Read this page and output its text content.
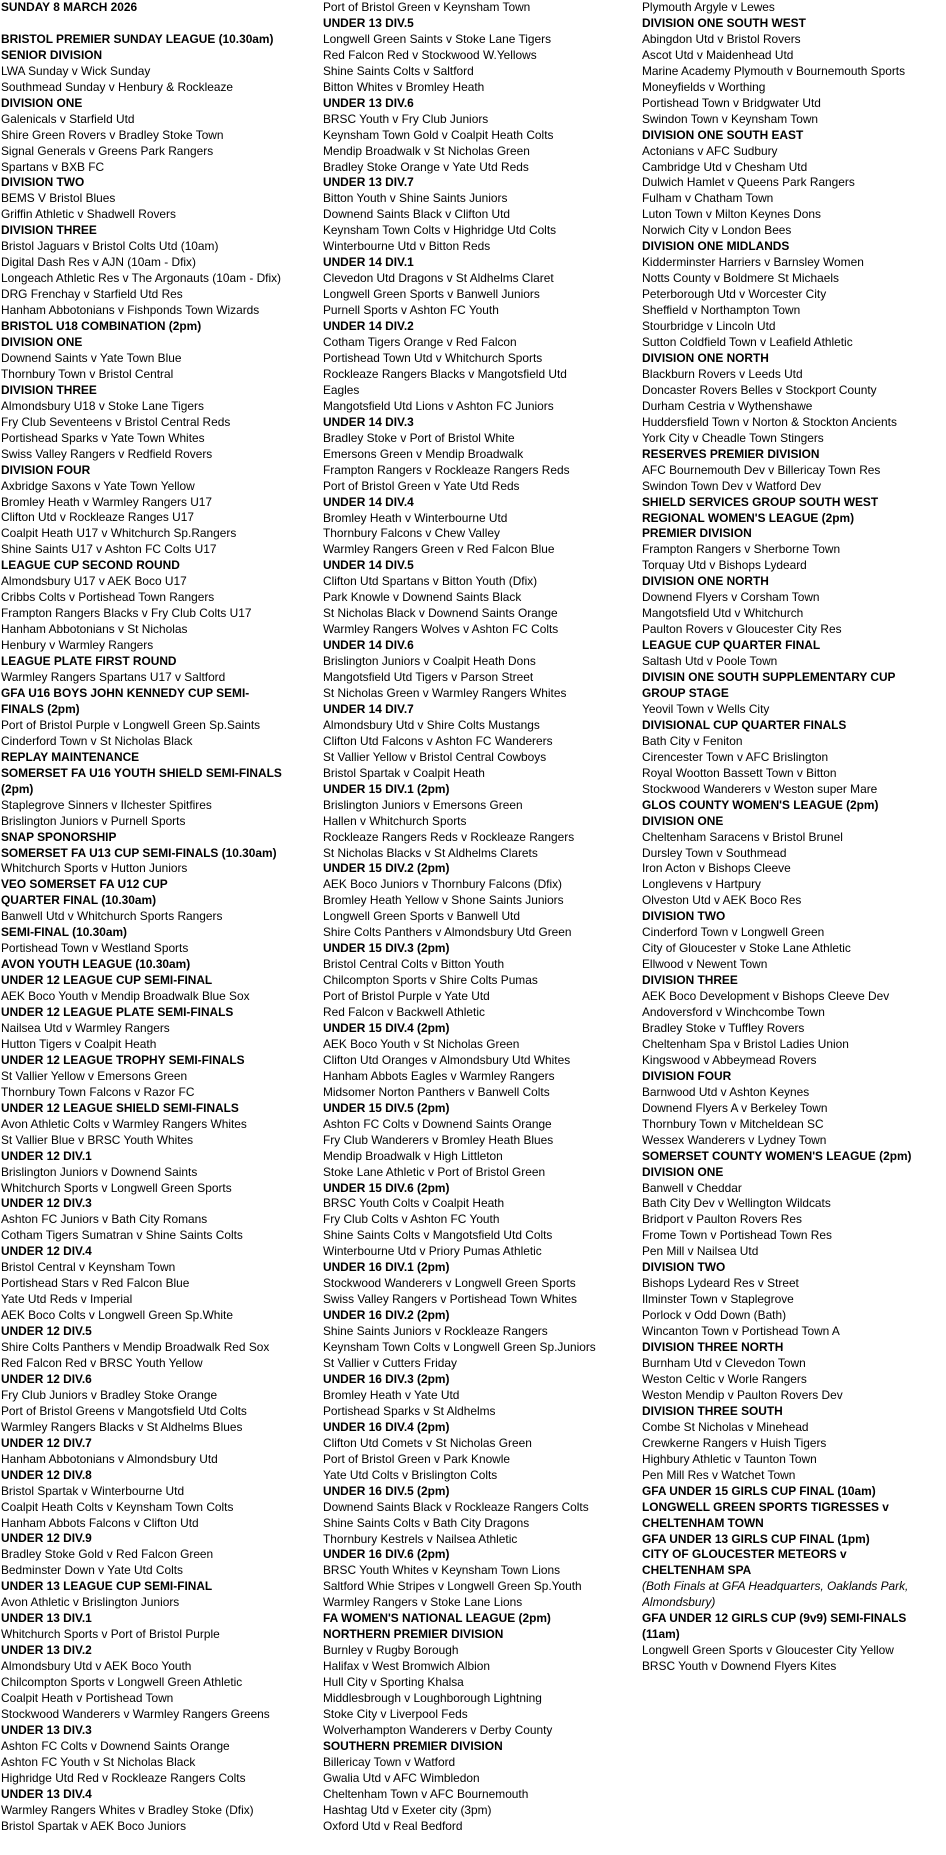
SUNDAY 8 MARCH 2026
BRISTOL PREMIER SUNDAY LEAGUE (10.30am)
SENIOR DIVISION
LWA Sunday v Wick Sunday
Southmead Sunday v Henbury & Rockleaze
DIVISION ONE
Galenicals v Starfield Utd
Shire Green Rovers v Bradley Stoke Town
Signal Generals v Greens Park Rangers
Spartans v BXB FC
DIVISION TWO
BEMS V Bristol Blues
Griffin Athletic v Shadwell Rovers
DIVISION THREE
Bristol Jaguars v Bristol Colts Utd (10am)
Digital Dash Res v AJN (10am - Dfix)
Longeach Athletic Res v The Argonauts (10am - Dfix)
DRG Frenchay v Starfield Utd Res
Hanham Abbotonians v Fishponds Town Wizards
BRISTOL U18 COMBINATION (2pm)
DIVISION ONE
Downend Saints v Yate Town Blue
Thornbury Town v Bristol Central
DIVISION THREE
Almondsbury U18 v Stoke Lane Tigers
Fry Club Seventeens v Bristol Central Reds
Portishead Sparks v Yate Town Whites
Swiss Valley Rangers v Redfield Rovers
DIVISION FOUR
Axbridge Saxons v Yate Town Yellow
Bromley Heath v Warmley Rangers U17
Clifton Utd v Rockleaze Ranges U17
Coalpit Heath U17 v Whitchurch Sp.Rangers
Shine Saints U17 v Ashton FC Colts U17
LEAGUE CUP SECOND ROUND
Almondsbury U17 v AEK Boco U17
Cribbs Colts v Portishead Town Rangers
Frampton Rangers Blacks v Fry Club Colts U17
Hanham Abbotonians v St Nicholas
Henbury v Warmley Rangers
LEAGUE PLATE FIRST ROUND
Warmley Rangers Spartans U17 v Saltford
GFA U16 BOYS JOHN KENNEDY CUP SEMI-
FINALS (2pm)
Port of Bristol Purple v Longwell Green Sp.Saints
Cinderford Town v St Nicholas Black
REPLAY MAINTENANCE
SOMERSET FA U16 YOUTH SHIELD SEMI-FINALS
(2pm)
Staplegrove Sinners v Ilchester Spitfires
Brislington Juniors v Purnell Sports
SNAP SPONORSHIP
SOMERSET FA U13 CUP SEMI-FINALS (10.30am)
Whitchurch Sports v Hutton Juniors
VEO SOMERSET FA U12 CUP
QUARTER FINAL (10.30am)
Banwell Utd v Whitchurch Sports Rangers
SEMI-FINAL (10.30am)
Portishead Town v Westland Sports
AVON YOUTH LEAGUE (10.30am)
UNDER 12 LEAGUE CUP SEMI-FINAL
AEK Boco Youth v Mendip Broadwalk Blue Sox
UNDER 12 LEAGUE PLATE SEMI-FINALS
Nailsea Utd v Warmley Rangers
Hutton Tigers v Coalpit Heath
UNDER 12 LEAGUE TROPHY SEMI-FINALS
St Vallier Yellow v Emersons Green
Thornbury Town Falcons v Razor FC
UNDER 12 LEAGUE SHIELD SEMI-FINALS
Avon Athletic Colts v Warmley Rangers Whites
St Vallier Blue v BRSC Youth Whites
UNDER 12 DIV.1
Brislington Juniors v Downend Saints
Whitchurch Sports v Longwell Green Sports
UNDER 12 DIV.3
Ashton FC Juniors v Bath City Romans
Cotham Tigers Sumatran v Shine Saints Colts
UNDER 12 DIV.4
Bristol Central v Keynsham Town
Portishead Stars v Red Falcon Blue
Yate Utd Reds v Imperial
AEK Boco Colts v Longwell Green Sp.White
UNDER 12 DIV.5
Shire Colts Panthers v Mendip Broadwalk Red Sox
Red Falcon Red v BRSC Youth Yellow
UNDER 12 DIV.6
Fry Club Juniors v Bradley Stoke Orange
Port of Bristol Greens v Mangotsfield Utd Colts
Warmley Rangers Blacks v St Aldhelms Blues
UNDER 12 DIV.7
Hanham Abbotonians v Almondsbury Utd
UNDER 12 DIV.8
Bristol Spartak v Winterbourne Utd
Coalpit Heath Colts v Keynsham Town Colts
Hanham Abbots Falcons v Clifton Utd
UNDER 12 DIV.9
Bradley Stoke Gold v Red Falcon Green
Bedminster Down v Yate Utd Colts
UNDER 13 LEAGUE CUP SEMI-FINAL
Avon Athletic v Brislington Juniors
UNDER 13 DIV.1
Whitchurch Sports v Port of Bristol Purple
UNDER 13 DIV.2
Almondsbury Utd v AEK Boco Youth
Chilcompton Sports v Longwell Green Athletic
Coalpit Heath v Portishead Town
Stockwood Wanderers v Warmley Rangers Greens
UNDER 13 DIV.3
Ashton FC Colts v Downend Saints Orange
Ashton FC Youth v St Nicholas Black
Highridge Utd Red v Rockleaze Rangers Colts
UNDER 13 DIV.4
Warmley Rangers Whites v Bradley Stoke (Dfix)
Bristol Spartak v AEK Boco Juniors
Port of Bristol Green v Keynsham Town
UNDER 13 DIV.5
Longwell Green Saints v Stoke Lane Tigers
Red Falcon Red v Stockwood W.Yellows
Shine Saints Colts v Saltford
Bitton Whites v Bromley Heath
UNDER 13 DIV.6
BRSC Youth v Fry Club Juniors
Keynsham Town Gold v Coalpit Heath Colts
Mendip Broadwalk v St Nicholas Green
Bradley Stoke Orange v Yate Utd Reds
UNDER 13 DIV.7
Bitton Youth v Shine Saints Juniors
Downend Saints Black v Clifton Utd
Keynsham Town Colts v Highridge Utd Colts
Winterbourne Utd v Bitton Reds
UNDER 14 DIV.1
Clevedon Utd Dragons v St Aldhelms Claret
Longwell Green Sports v Banwell Juniors
Purnell Sports v Ashton FC Youth
UNDER 14 DIV.2
Cotham Tigers Orange v Red Falcon
Portishead Town Utd v Whitchurch Sports
Rockleaze Rangers Blacks v Mangotsfield Utd
Eagles
Mangotsfield Utd Lions v Ashton FC Juniors
UNDER 14 DIV.3
Bradley Stoke v Port of Bristol White
Emersons Green v Mendip Broadwalk
Frampton Rangers v Rockleaze Rangers Reds
Port of Bristol Green v Yate Utd Reds
UNDER 14 DIV.4
Bromley Heath v Winterbourne Utd
Thornbury Falcons v Chew Valley
Warmley Rangers Green v Red Falcon Blue
UNDER 14 DIV.5
Clifton Utd Spartans v Bitton Youth (Dfix)
Park Knowle v Downend Saints Black
St Nicholas Black v Downend Saints Orange
Warmley Rangers Wolves v Ashton FC Colts
UNDER 14 DIV.6
Brislington Juniors v Coalpit Heath Dons
Mangotsfield Utd Tigers v Parson Street
St Nicholas Green v Warmley Rangers Whites
UNDER 14 DIV.7
Almondsbury Utd v Shire Colts Mustangs
Clifton Utd Falcons v Ashton FC Wanderers
St Vallier Yellow v Bristol Central Cowboys
Bristol Spartak v Coalpit Heath
UNDER 15 DIV.1 (2pm)
Brislington Juniors v Emersons Green
Hallen v Whitchurch Sports
Rockleaze Rangers Reds v Rockleaze Rangers
St Nicholas Blacks v St Aldhelms Clarets
UNDER 15 DIV.2 (2pm)
AEK Boco Juniors v Thornbury Falcons (Dfix)
Bromley Heath Yellow v Shone Saints Juniors
Longwell Green Sports v Banwell Utd
Shire Colts Panthers v Almondsbury Utd Green
UNDER 15 DIV.3 (2pm)
Bristol Central Colts v Bitton Youth
Chilcompton Sports v Shire Colts Pumas
Port of Bristol Purple v Yate Utd
Red Falcon v Backwell Athletic
UNDER 15 DIV.4 (2pm)
AEK Boco Youth v St Nicholas Green
Clifton Utd Oranges v Almondsbury Utd Whites
Hanham Abbots Eagles v Warmley Rangers
Midsomer Norton Panthers v Banwell Colts
UNDER 15 DIV.5 (2pm)
Ashton FC Colts v Downend Saints Orange
Fry Club Wanderers v Bromley Heath Blues
Mendip Broadwalk v High Littleton
Stoke Lane Athletic v Port of Bristol Green
UNDER 15 DIV.6 (2pm)
BRSC Youth Colts v Coalpit Heath
Fry Club Colts v Ashton FC Youth
Shine Saints Colts v Mangotsfield Utd Colts
Winterbourne Utd v Priory Pumas Athletic
UNDER 16 DIV.1 (2pm)
Stockwood Wanderers v Longwell Green Sports
Swiss Valley Rangers v Portishead Town Whites
UNDER 16 DIV.2 (2pm)
Shine Saints Juniors v Rockleaze Rangers
Keynsham Town Colts v Longwell Green Sp.Juniors
St Vallier v Cutters Friday
UNDER 16 DIV.3 (2pm)
Bromley Heath v Yate Utd
Portishead Sparks v St Aldhelms
UNDER 16 DIV.4 (2pm)
Clifton Utd Comets v St Nicholas Green
Port of Bristol Green v Park Knowle
Yate Utd Colts v Brislington Colts
UNDER 16 DIV.5 (2pm)
Downend Saints Black v Rockleaze Rangers Colts
Shine Saints Colts v Bath City Dragons
Thornbury Kestrels v Nailsea Athletic
UNDER 16 DIV.6 (2pm)
BRSC Youth Whites v Keynsham Town Lions
Saltford Whie Stripes v Longwell Green Sp.Youth
Warmley Rangers v Stoke Lane Lions
FA WOMEN'S NATIONAL LEAGUE (2pm)
NORTHERN PREMIER DIVISION
Burnley v Rugby Borough
Halifax v West Bromwich Albion
Hull City v Sporting Khalsa
Middlesbrough v Loughborough Lightning
Stoke City v Liverpool Feds
Wolverhampton Wanderers v Derby County
SOUTHERN PREMIER DIVISION
Billericay Town v Watford
Gwalia Utd v AFC Wimbledon
Cheltenham Town v AFC Bournemouth
Hashtag Utd v Exeter city (3pm)
Oxford Utd v Real Bedford
Plymouth Argyle v Lewes
DIVISION ONE SOUTH WEST
Abingdon Utd v Bristol Rovers
Ascot Utd v Maidenhead Utd
Marine Academy Plymouth v Bournemouth Sports
Moneyfields v Worthing
Portishead Town v Bridgwater Utd
Swindon Town v Keynsham Town
DIVISION ONE SOUTH EAST
Actonians v AFC Sudbury
Cambridge Utd v Chesham Utd
Dulwich Hamlet v Queens Park Rangers
Fulham v Chatham Town
Luton Town v Milton Keynes Dons
Norwich City v London Bees
DIVISION ONE MIDLANDS
Kidderminster Harriers v Barnsley Women
Notts County v Boldmere St Michaels
Peterborough Utd v Worcester City
Sheffield v Northampton Town
Stourbridge v Lincoln Utd
Sutton Coldfield Town v Leafield Athletic
DIVISION ONE NORTH
Blackburn Rovers v Leeds Utd
Doncaster Rovers Belles v Stockport County
Durham Cestria v Wythenshawe
Huddersfield Town v Norton & Stockton Ancients
York City v Cheadle Town Stingers
RESERVES PREMIER DIVISION
AFC Bournemouth Dev v Billericay Town Res
Swindon Town Dev v Watford Dev
SHIELD SERVICES GROUP SOUTH WEST
REGIONAL WOMEN'S LEAGUE (2pm)
PREMIER DIVISION
Frampton Rangers v Sherborne Town
Torquay Utd v Bishops Lydeard
DIVISION ONE NORTH
Downend Flyers v Corsham Town
Mangotsfield Utd v Whitchurch
Paulton Rovers v Gloucester City Res
LEAGUE CUP QUARTER FINAL
Saltash Utd v Poole Town
DIVISIN ONE SOUTH SUPPLEMENTARY CUP
GROUP STAGE
Yeovil Town v Wells City
DIVISIONAL CUP QUARTER FINALS
Bath City v Feniton
Cirencester Town v AFC Brislington
Royal Wootton Bassett Town v Bitton
Stockwood Wanderers v Weston super Mare
GLOS COUNTY WOMEN'S LEAGUE (2pm)
DIVISION ONE
Cheltenham Saracens v Bristol Brunel
Dursley Town v Southmead
Iron Acton v Bishops Cleeve
Longlevens v Hartpury
Olveston Utd v AEK Boco Res
DIVISION TWO
Cinderford Town v Longwell Green
City of Gloucester v Stoke Lane Athletic
Ellwood v Newent Town
DIVISION THREE
AEK Boco Development v Bishops Cleeve Dev
Andoversford v Winchcombe Town
Bradley Stoke v Tuffley Rovers
Cheltenham Spa v Bristol Ladies Union
Kingswood v Abbeymead Rovers
DIVISION FOUR
Barnwood Utd v Ashton Keynes
Downend Flyers A v Berkeley Town
Thornbury Town v Mitcheldean SC
Wessex Wanderers v Lydney Town
SOMERSET COUNTY WOMEN'S LEAGUE (2pm)
DIVISION ONE
Banwell v Cheddar
Bath City Dev v Wellington Wildcats
Bridport v Paulton Rovers Res
Frome Town v Portishead Town Res
Pen Mill v Nailsea Utd
DIVISION TWO
Bishops Lydeard Res v Street
Ilminster Town v Staplegrove
Porlock v Odd Down (Bath)
Wincanton Town v Portishead Town A
DIVISION THREE NORTH
Burnham Utd v Clevedon Town
Weston Celtic v Worle Rangers
Weston Mendip v Paulton Rovers Dev
DIVISION THREE SOUTH
Combe St Nicholas v Minehead
Crewkerne Rangers v Huish Tigers
Highbury Athletic v Taunton Town
Pen Mill Res v Watchet Town
GFA UNDER 15 GIRLS CUP FINAL (10am)
LONGWELL GREEN SPORTS TIGRESSES v
CHELTENHAM TOWN
GFA UNDER 13 GIRLS CUP FINAL (1pm)
CITY OF GLOUCESTER METEORS v
CHELTENHAM SPA
(Both Finals at GFA Headquarters, Oaklands Park,
Almondsbury)
GFA UNDER 12 GIRLS CUP (9v9) SEMI-FINALS
(11am)
Longwell Green Sports v Gloucester City Yellow
BRSC Youth v Downend Flyers Kites
